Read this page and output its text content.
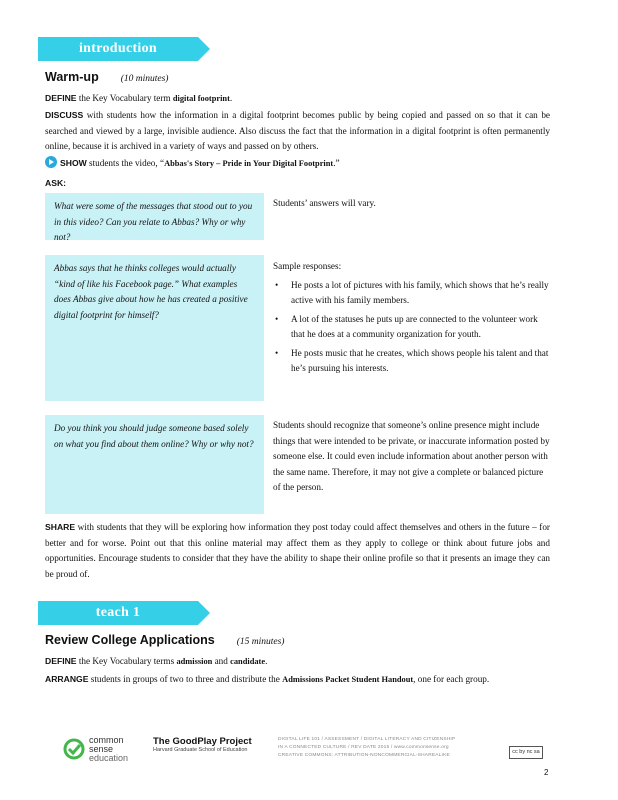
introduction
Warm-up (10 minutes)
DEFINE the Key Vocabulary term digital footprint.
DISCUSS with students how the information in a digital footprint becomes public by being copied and passed on so that it can be searched and viewed by a large, invisible audience. Also discuss the fact that the information in a digital footprint is often permanently online, because it is archived in a variety of ways and passed on by others.
SHOW students the video, “Abbas's Story – Pride in Your Digital Footprint.”
ASK:
What were some of the messages that stood out to you in this video? Can you relate to Abbas? Why or why not?
Students’ answers will vary.
Abbas says that he thinks colleges would actually “kind of like his Facebook page.” What examples does Abbas give about how he has created a positive digital footprint for himself?
Sample responses:
• He posts a lot of pictures with his family, which shows that he’s really active with his family members.
• A lot of the statuses he puts up are connected to the volunteer work that he does at a community organization for youth.
• He posts music that he creates, which shows people his talent and that he’s pursuing his interests.
Do you think you should judge someone based solely on what you find about them online? Why or why not?
Students should recognize that someone’s online presence might include things that were intended to be private, or inaccurate information posted by someone else. It could even include information about another person with the same name. Therefore, it may not give a complete or balanced picture of the person.
SHARE with students that they will be exploring how information they post today could affect themselves and others in the future – for better and for worse. Point out that this online material may affect them as they apply to college or think about future jobs and opportunities. Encourage students to consider that they have the ability to shape their online profile so that it presents an image they can be proud of.
teach 1
Review College Applications (15 minutes)
DEFINE the Key Vocabulary terms admission and candidate.
ARRANGE students in groups of two to three and distribute the Admissions Packet Student Handout, one for each group.
common
sense
education
The GoodPlay Project
Harvard Graduate School of Education
DIGITAL LIFE 101 / ASSESSMENT / DIGITAL LITERACY AND CITIZENSHIP
IN A CONNECTED CULTURE / REV DATE 2015 / www.commonsense.org
CREATIVE COMMONS: ATTRIBUTION-NONCOMMERCIAL-SHAREALIKE
cc by nc sa
2
